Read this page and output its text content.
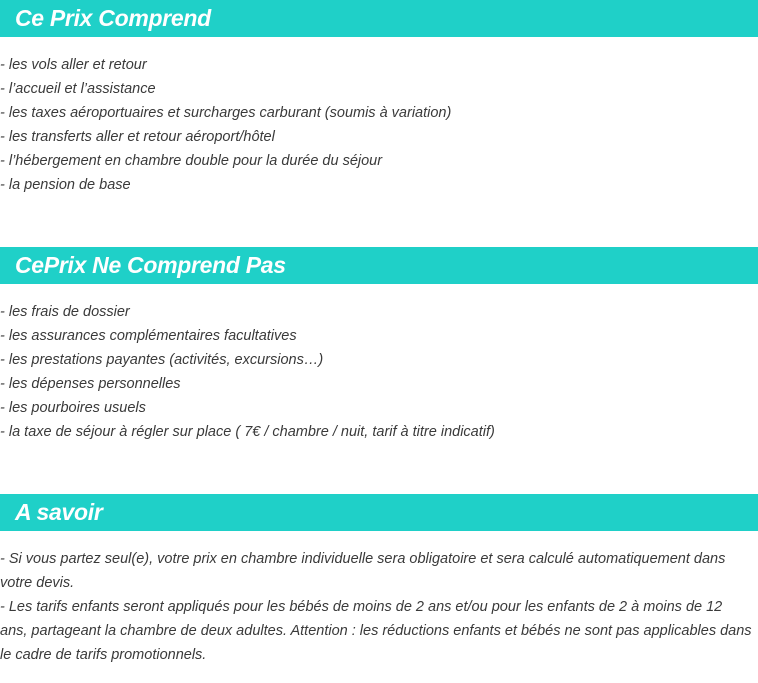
Ce Prix Comprend
- les vols aller et retour
- l’accueil et l’assistance
- les taxes aéroportuaires et surcharges carburant (soumis à variation)
- les transferts aller et retour aéroport/hôtel
- l’hébergement en chambre double pour la durée du séjour
- la pension de base
CePrix Ne Comprend Pas
- les frais de dossier
- les assurances complémentaires facultatives
- les prestations payantes (activités, excursions…)
- les dépenses personnelles
- les pourboires usuels
- la taxe de séjour à régler sur place ( 7€ / chambre / nuit, tarif à titre indicatif)
A savoir

- Si vous partez seul(e), votre prix en chambre individuelle sera obligatoire et sera calculé automatiquement dans votre devis.

- Les tarifs enfants seront appliqués pour les bébés de moins de 2 ans et/ou pour les enfants de 2 à moins de 12 ans, partageant la chambre de deux adultes. Attention : les réductions enfants et bébés ne sont pas applicables dans le cadre de tarifs promotionnels.
